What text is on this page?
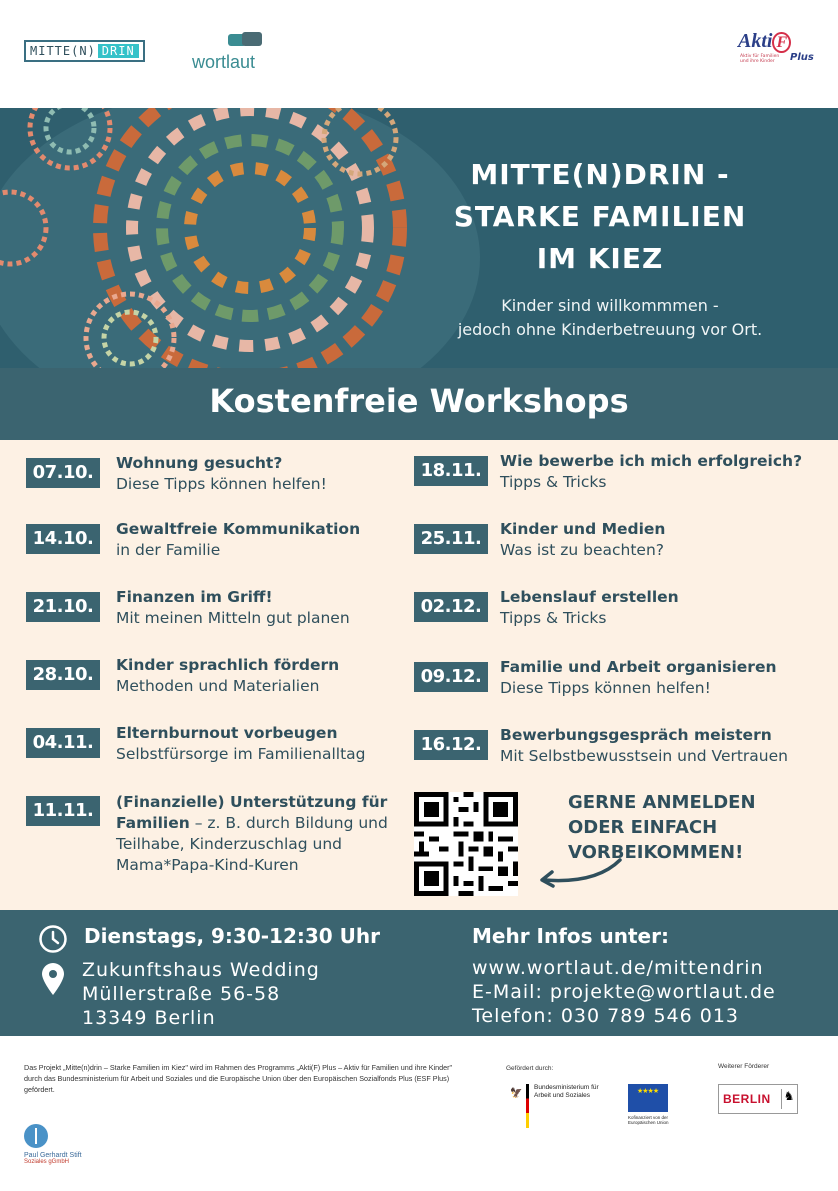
MITTE(N) DRIN
wortlaut
Akti F
Aktiv für Familien und ihre Kinder	Plus
MITTE(N)DRIN -
STARKE FAMILIEN
IM KIEZ
Kinder sind willkommmen -
jedoch ohne Kinderbetreuung vor Ort.
Kostenfreie Workshops
07.10.	Wohnung gesucht?
Diese Tipps können helfen!
14.10.	Gewaltfreie Kommunikation
in der Familie
21.10.	Finanzen im Griff!
Mit meinen Mitteln gut planen
28.10.	Kinder sprachlich fördern
Methoden und Materialien
04.11.	Elternburnout vorbeugen
Selbstfürsorge im Familienalltag
11.11.	(Finanzielle) Unterstützung für Familien – z. B. durch Bildung und Teilhabe, Kinderzuschlag und Mama*Papa-Kind-Kuren
18.11.	Wie bewerbe ich mich erfolgreich?
Tipps & Tricks
25.11.	Kinder und Medien
Was ist zu beachten?
02.12.	Lebenslauf erstellen
Tipps & Tricks
09.12.	Familie und Arbeit organisieren
Diese Tipps können helfen!
16.12.	Bewerbungsgespräch meistern
Mit Selbstbewusstsein und Vertrauen
GERNE ANMELDEN
ODER EINFACH
VORBEIKOMMEN!
Dienstags, 9:30-12:30 Uhr
Zukunftshaus Wedding
Müllerstraße 56-58
13349 Berlin
Mehr Infos unter:
www.wortlaut.de/mittendrin
E-Mail: projekte@wortlaut.de
Telefon: 030 789 546 013
Das Projekt „Mitte(n)drin – Starke Familien im Kiez" wird im Rahmen des Programms „Akti(F) Plus – Aktiv für Familien und ihre Kinder" durch das Bundesministerium für Arbeit und Soziales und die Europäische Union über den Europäischen Sozialfonds Plus (ESF Plus) gefördert.
Paul Gerhardt Stift
Soziales gGmbH
Gefördert durch:
🦅
Bundesministerium für Arbeit und Soziales
★★★★
Kofinanziert von der Europäischen Union
Weiterer Förderer
BERLIN ♞
